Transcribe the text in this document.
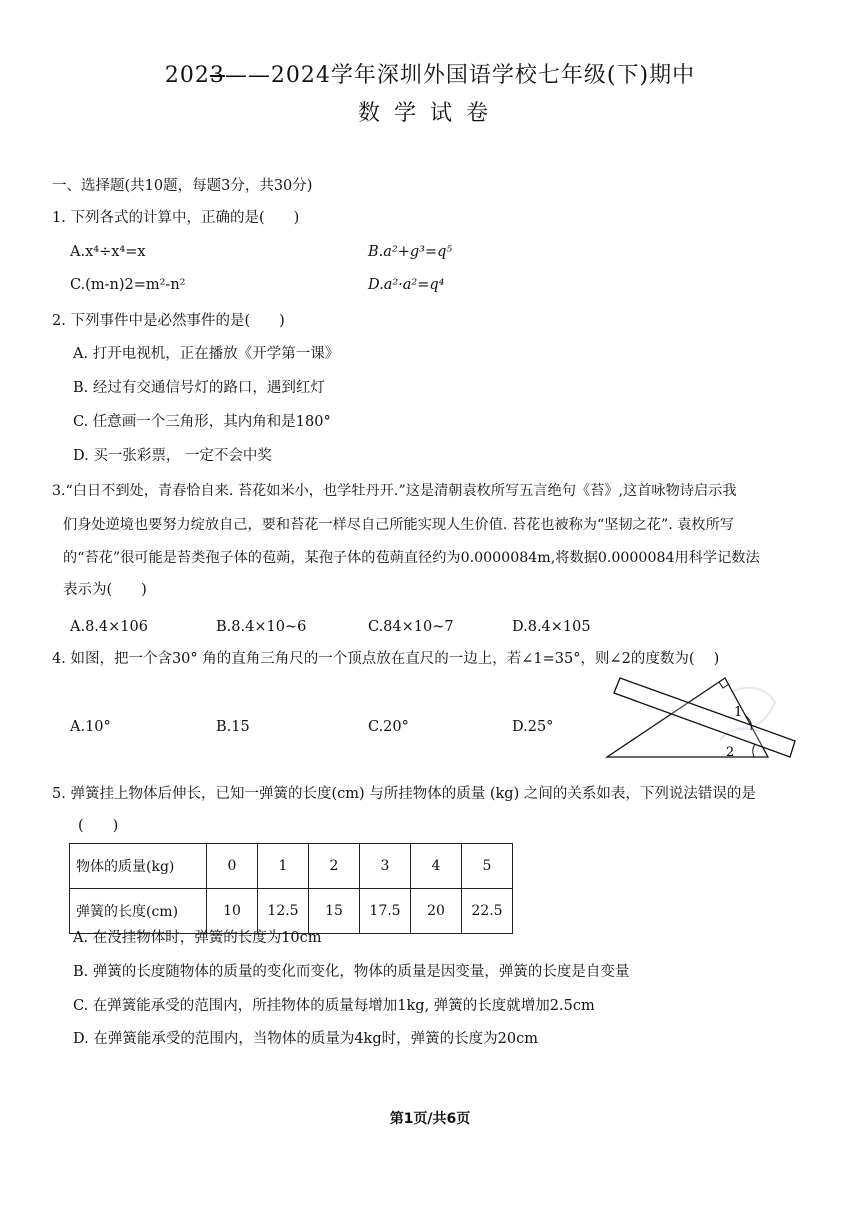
2023——2024学年深圳外国语学校七年级(下)期中
数学试卷
一、选择题(共10题，每题3分，共30分)
1. 下列各式的计算中，正确的是(　　)
A.x⁴÷x⁴=x	B.a²+g³=q⁵
C.(m-n)2=m²-n²	D.a²·a²=q⁴
2. 下列事件中是必然事件的是(　　)
A. 打开电视机，正在播放《开学第一课》
B. 经过有交通信号灯的路口，遇到红灯
C. 任意画一个三角形，其内角和是180°
D. 买一张彩票， 一定不会中奖
3.“白日不到处，青春恰自来. 苔花如米小，也学牡丹开.”这是清朝袁枚所写五言绝句《苔》,这首咏物诗启示我
们身处逆境也要努力绽放自己，要和苔花一样尽自己所能实现人生价值. 苔花也被称为“坚韧之花”. 袁枚所写
的“苔花”很可能是苔类孢子体的苞蒴，某孢子体的苞蒴直径约为0.0000084m,将数据0.0000084用科学记数法
表示为(　　)
A.8.4×106	B.8.4×10~6	C.84×10~7	D.8.4×105
4. 如图，把一个含30° 角的直角三角尺的一个顶点放在直尺的一边上，若∠1=35°，则∠2的度数为(　 )
A.10°	B.15	C.20°	D.25°
1
2
5. 弹簧挂上物体后伸长，已知一弹簧的长度(cm) 与所挂物体的质量 (kg) 之间的关系如表，下列说法错误的是
(　　)
物体的质量(kg)	0	1	2	3	4	5
弹簧的长度(cm)	10	12.5	15	17.5	20	22.5
A. 在没挂物体时，弹簧的长度为10cm
B. 弹簧的长度随物体的质量的变化而变化，物体的质量是因变量，弹簧的长度是自变量
C. 在弹簧能承受的范围内，所挂物体的质量每增加1kg, 弹簧的长度就增加2.5cm
D. 在弹簧能承受的范围内，当物体的质量为4kg时，弹簧的长度为20cm
第1页/共6页
